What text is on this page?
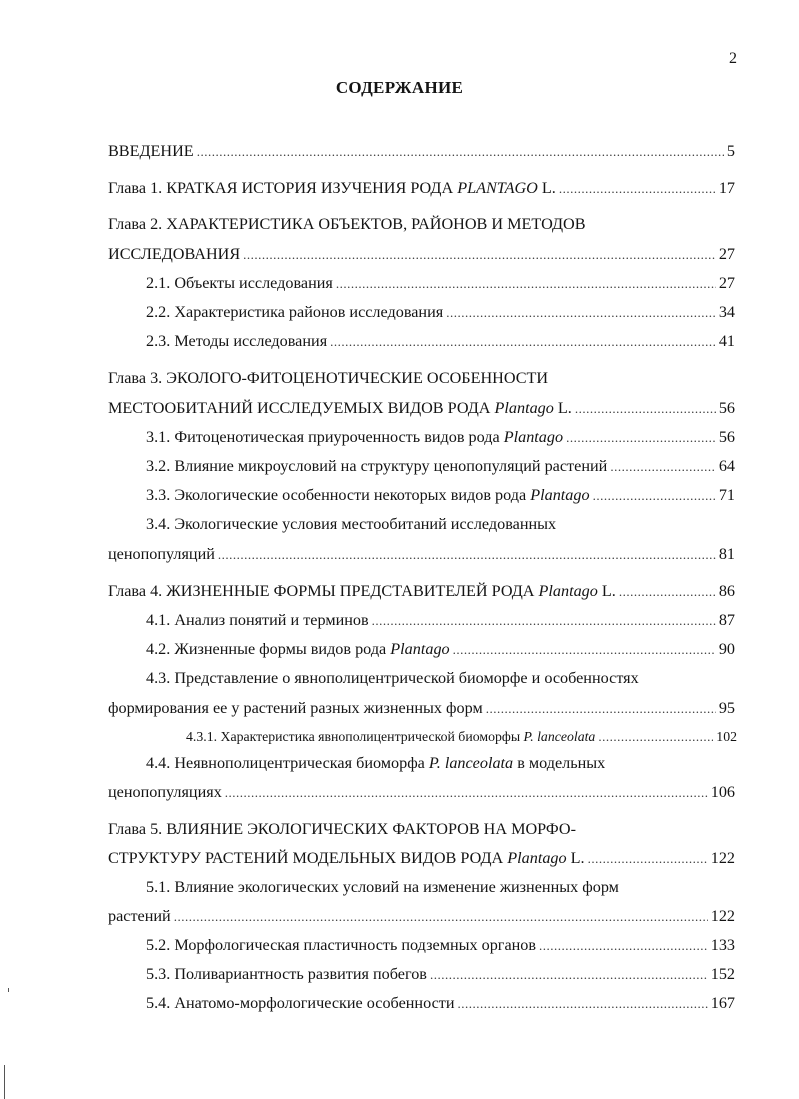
2
СОДЕРЖАНИЕ
ВВЕДЕНИЕ .....	5
Глава 1. КРАТКАЯ ИСТОРИЯ ИЗУЧЕНИЯ РОДА PLANTAGO L. .....	17
Глава 2. ХАРАКТЕРИСТИКА ОБЪЕКТОВ, РАЙОНОВ И МЕТОДОВ
ИССЛЕДОВАНИЯ .....	27
2.1. Объекты исследования .....	27
2.2. Характеристика районов исследования .....	34
2.3. Методы исследования .....	41
Глава 3. ЭКОЛОГО-ФИТОЦЕНОТИЧЕСКИЕ ОСОБЕННОСТИ
МЕСТООБИТАНИЙ ИССЛЕДУЕМЫХ ВИДОВ РОДА Plantago L. .....	56
3.1. Фитоценотическая приуроченность видов рода Plantago .....	56
3.2. Влияние микроусловий на структуру ценопопуляций растений .....	64
3.3. Экологические особенности некоторых видов рода Plantago .....	71
3.4. Экологические условия местообитаний исследованных
ценопопуляций .....	81
Глава 4. ЖИЗНЕННЫЕ ФОРМЫ ПРЕДСТАВИТЕЛЕЙ РОДА Plantago L. .....	86
4.1. Анализ понятий и терминов .....	87
4.2. Жизненные формы видов рода Plantago .....	90
4.3. Представление о явнополицентрической биоморфе и особенностях
формирования ее у растений разных жизненных форм .....	95
4.3.1. Характеристика явнополицентрической биоморфы P. lanceolata .....	102
4.4. Неявнополицентрическая биоморфа P. lanceolata в модельных
ценопопуляциях .....	106
Глава 5. ВЛИЯНИЕ ЭКОЛОГИЧЕСКИХ ФАКТОРОВ НА МОРФО-
СТРУКТУРУ РАСТЕНИЙ МОДЕЛЬНЫХ ВИДОВ РОДА Plantago L. .....	122
5.1. Влияние экологических условий на изменение жизненных форм
растений .....	122
5.2. Морфологическая пластичность подземных органов .....	133
5.3. Поливариантность развития побегов .....	152
5.4. Анатомо-морфологические особенности .....	167
